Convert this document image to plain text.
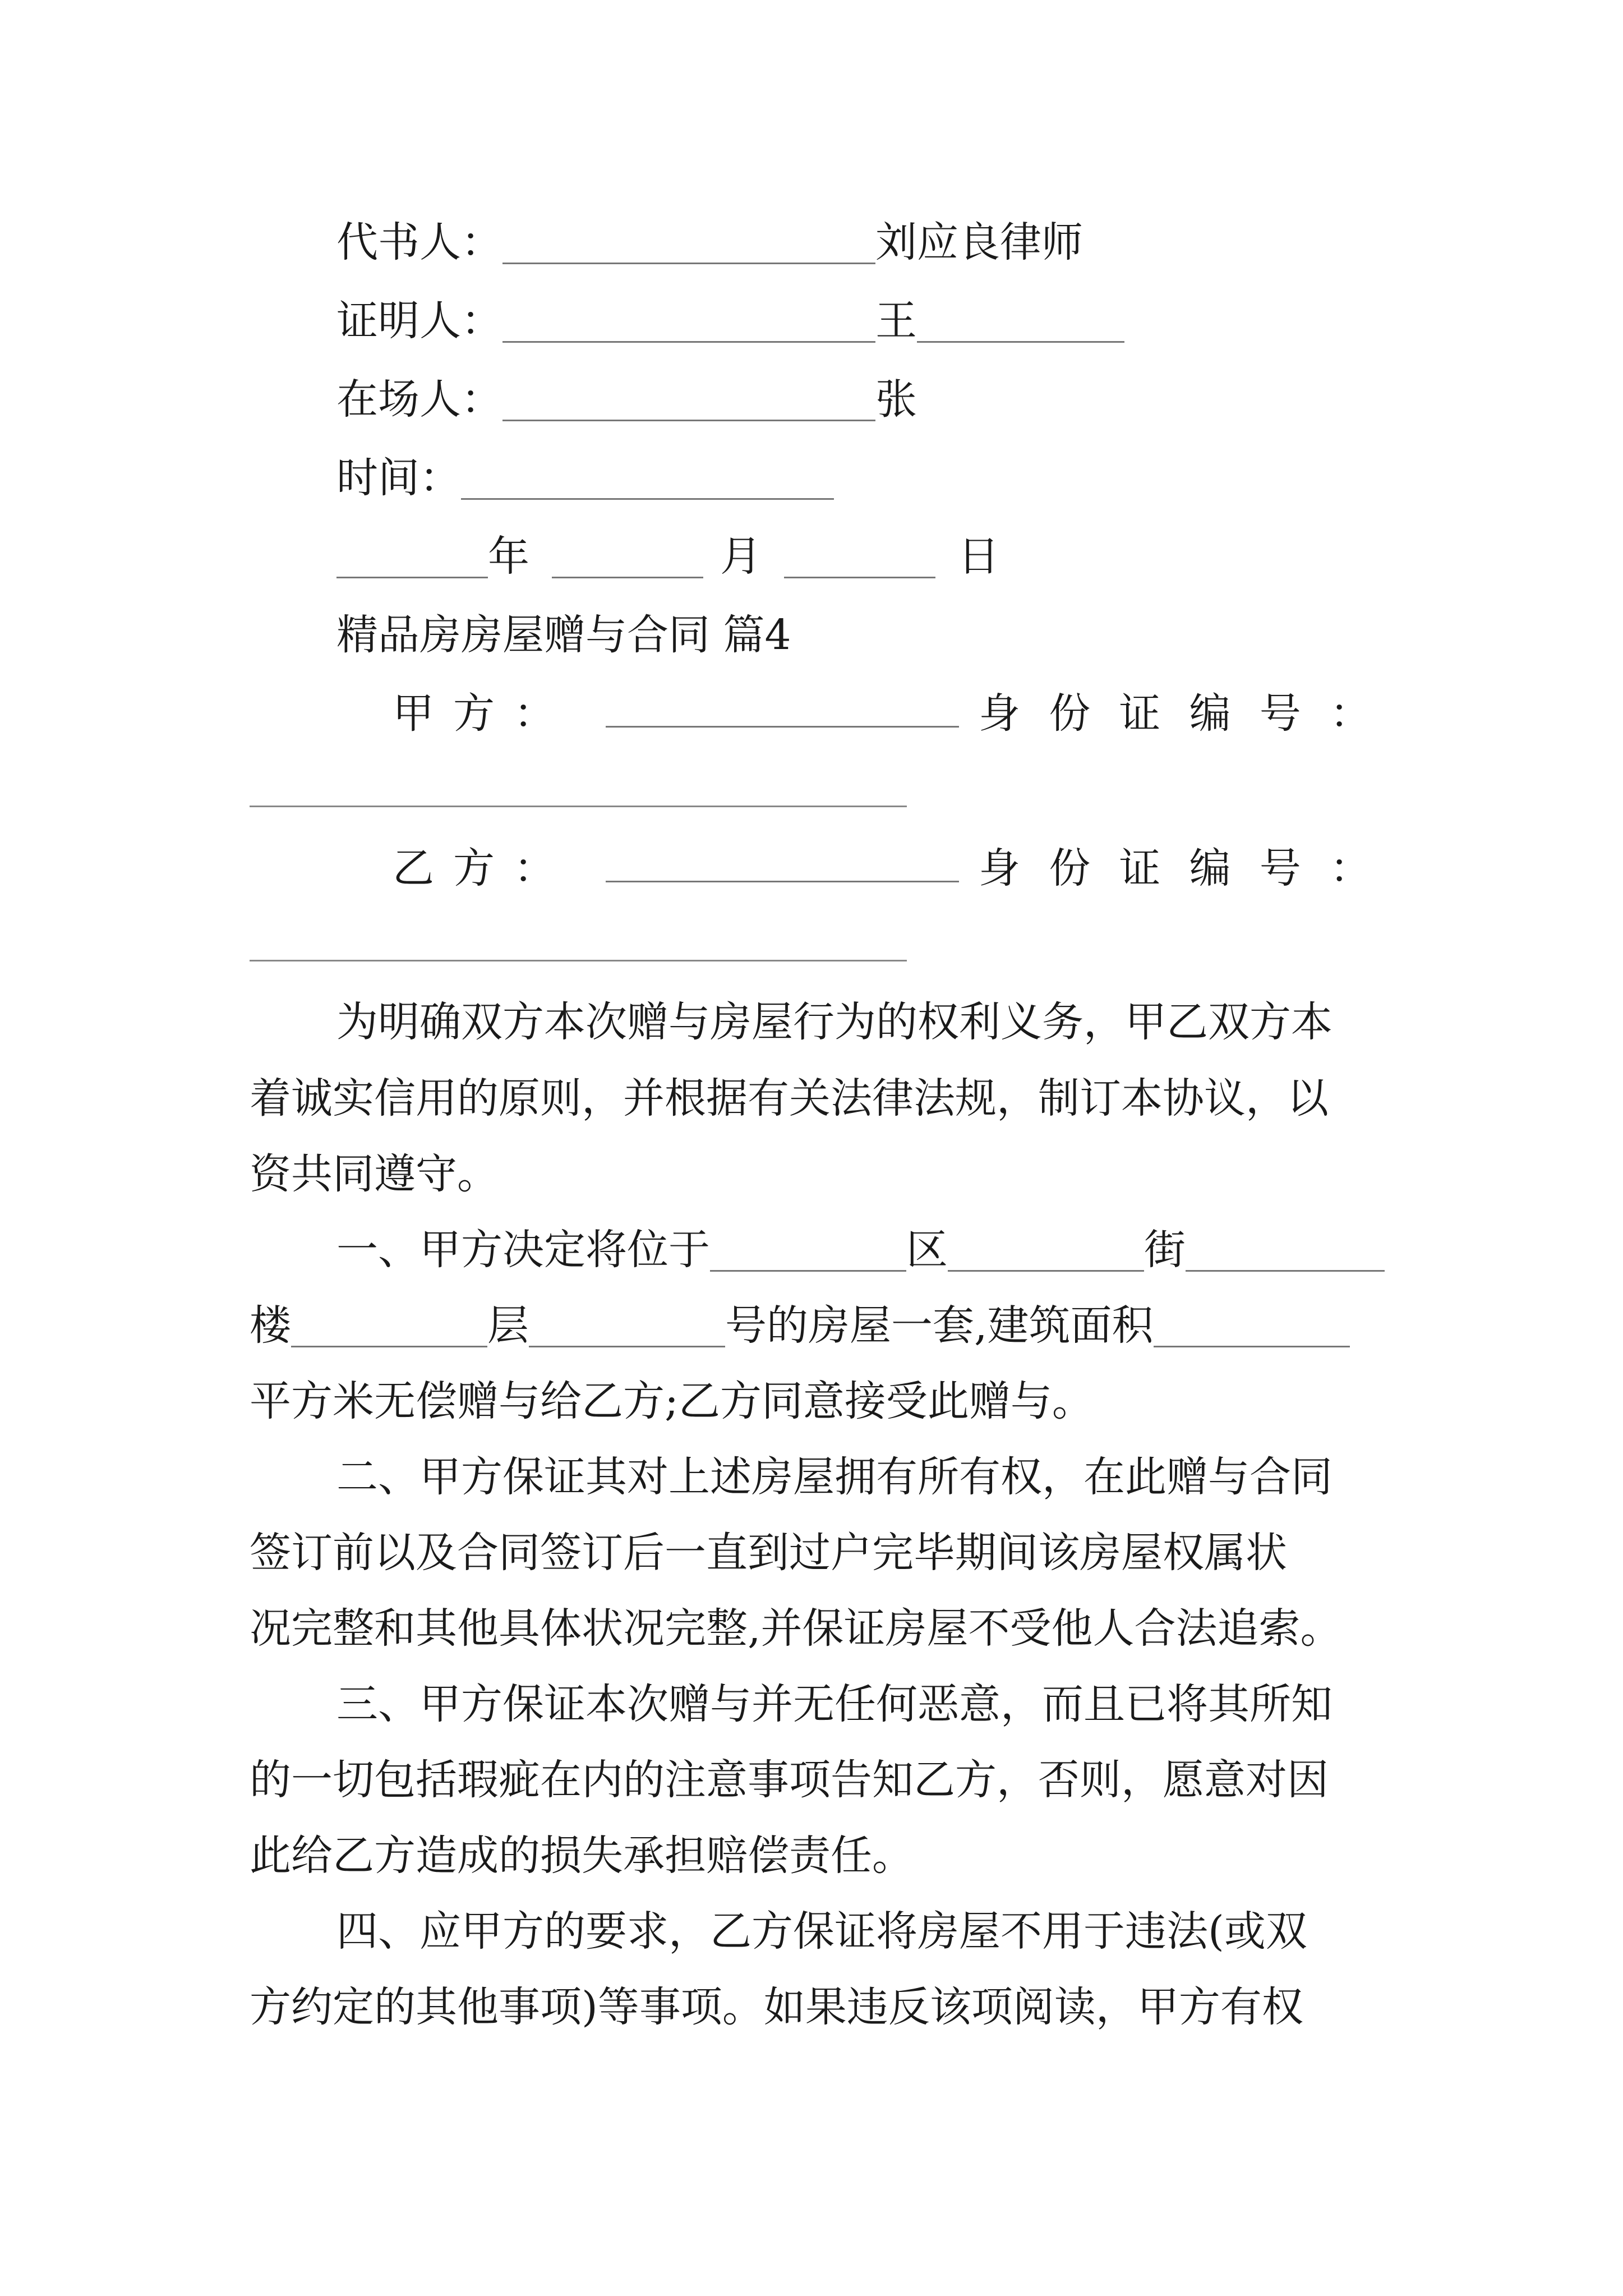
代书人：	刘应良律师
证明人：	王
在场人：	张
时间：
年	月	日
精品房房屋赠与合同 篇4
甲 方 ：	身 份 证 编 号 ：
乙 方 ：	身 份 证 编 号 ：
为明确双方本次赠与房屋行为的权利义务，甲乙双方本
着诚实信用的原则，并根据有关法律法规，制订本协议，以
资共同遵守。
一、甲方决定将位于	区	街
楼	层	号的房屋一套,建筑面积
平方米无偿赠与给乙方;乙方同意接受此赠与。
二、甲方保证其对上述房屋拥有所有权，在此赠与合同
签订前以及合同签订后一直到过户完毕期间该房屋权属状
况完整和其他具体状况完整,并保证房屋不受他人合法追索。
三、甲方保证本次赠与并无任何恶意，而且已将其所知
的一切包括瑕疵在内的注意事项告知乙方，否则，愿意对因
此给乙方造成的损失承担赔偿责任。
四、应甲方的要求，乙方保证将房屋不用于违法(或双
方约定的其他事项)等事项。如果违反该项阅读，甲方有权
